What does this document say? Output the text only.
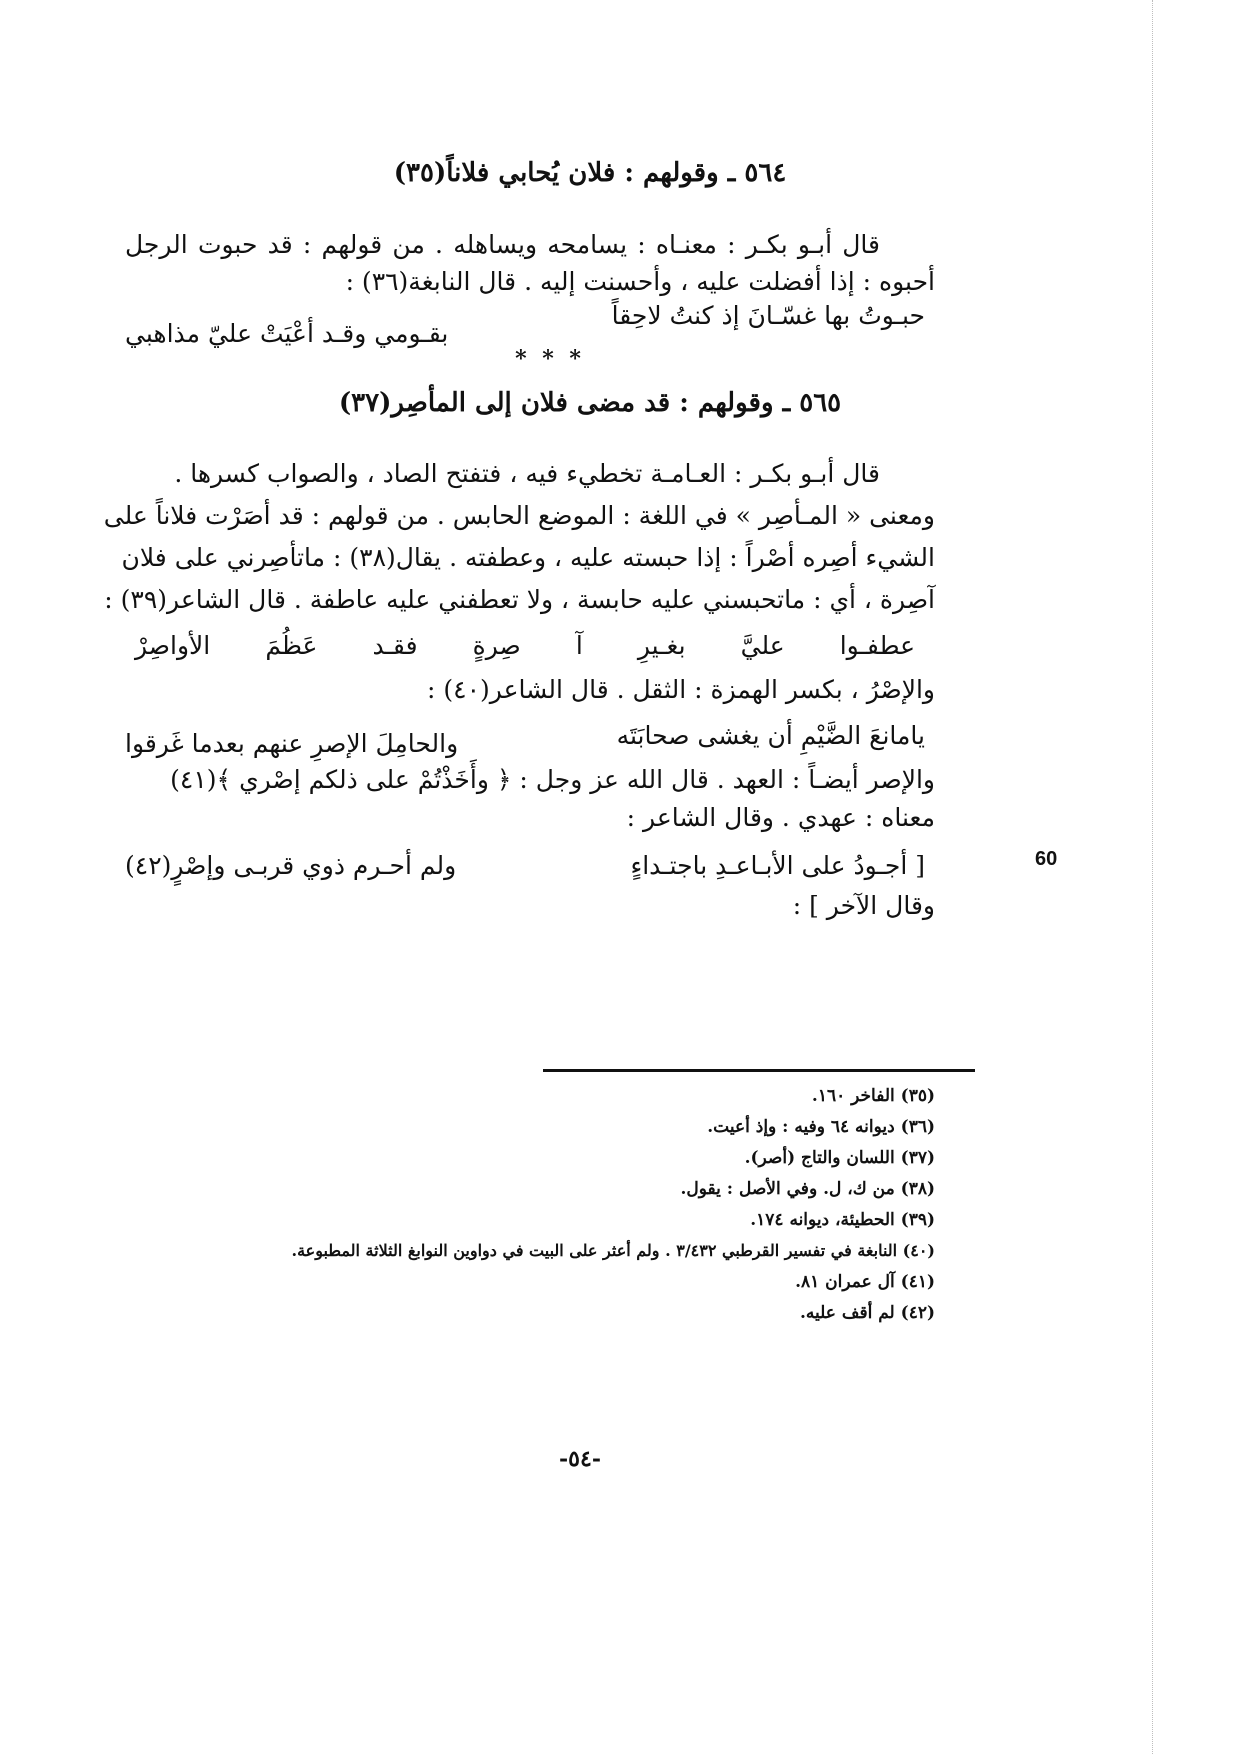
٥٦٤ ـ وقولهم : فلان يُحابي فلاناً(٣٥)
قال أبـو بكـر : معنـاه : يسامحه ويساهله . من قولهم : قد حبوت الرجل
أحبوه : إذا أفضلت عليه ، وأحسنت إليه . قال النابغة(٣٦) :
حبـوتُ بها غسّـانَ إذ كنتُ لاحِقاً
بقـومي وقـد أعْيَتْ عليّ مذاهبي
* * *
٥٦٥ ـ وقولهم : قد مضى فلان إلى المأصِر(٣٧)
قال أبـو بكـر : العـامـة تخطيء فيه ، فتفتح الصاد ، والصواب كسرها .
ومعنى « المـأصِر » في اللغة : الموضع الحابس . من قولهم : قد أصَرْت فلاناً على
الشيء أصِره أصْراً : إذا حبسته عليه ، وعطفته . يقال(٣٨) : ماتأصِرني على فلان
آصِرة ، أي : ماتحبسني عليه حابسة ، ولا تعطفني عليه عاطفة . قال الشاعر(٣٩) :
عطفـوا عليَّ بغـيرِ آ صِرةٍ فقـد عَظُمَ الأواصِرْ
والإصْرُ ، بكسر الهمزة : الثقل . قال الشاعر(٤٠) :
يامانعَ الضَّيْمِ أن يغشى صحابَتَه
والحامِلَ الإصرِ عنهم بعدما غَرقوا
والإصر أيضـاً : العهد . قال الله عز وجل : ﴿ وأَخَذْتُمْ على ذلكم إصْري ﴾(٤١)
معناه : عهدي . وقال الشاعر :
[ أجـودُ على الأبـاعـدِ باجتـداءٍ
ولم أحـرم ذوي قربـى وإصْرٍ(٤٢)
وقال الآخر ] :
60
(٣٥) الفاخر ١٦٠.
(٣٦) ديوانه ٦٤ وفيه : وإذ أعيت.
(٣٧) اللسان والتاج (أصر).
(٣٨) من ك، ل. وفي الأصل : يقول.
(٣٩) الحطيئة، ديوانه ١٧٤.
(٤٠) النابغة في تفسير القرطبي ٣/٤٣٢ . ولم أعثر على البيت في دواوين النوابغ الثلاثة المطبوعة.
(٤١) آل عمران ٨١.
(٤٢) لم أقف عليه.
-٥٤-
